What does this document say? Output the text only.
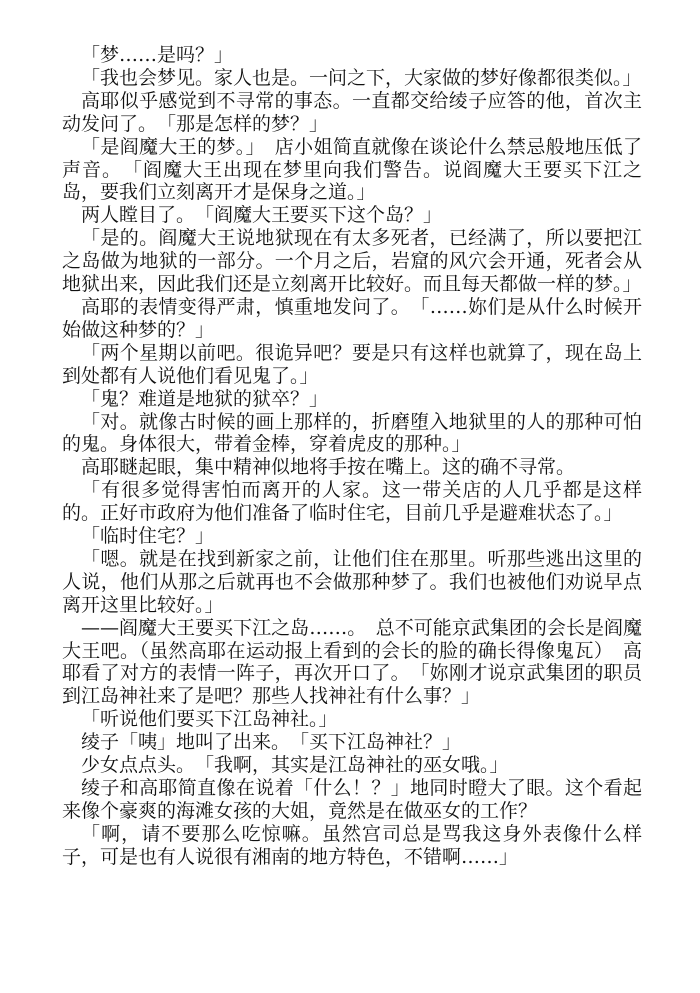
「梦……是吗？」

「我也会梦见。家人也是。一问之下，大家做的梦好像都很类似。」

高耶似乎感觉到不寻常的事态。一直都交给绫子应答的他，首次主动发问了。　「那是怎样的梦？」

「是阎魔大王的梦。」　店小姐简直就像在谈论什么禁忌般地压低了声音。　「阎魔大王出现在梦里向我们警告。说阎魔大王要买下江之岛，要我们立刻离开才是保身之道。」

两人瞠目了。　「阎魔大王要买下这个岛？」

「是的。阎魔大王说地狱现在有太多死者，已经满了，所以要把江之岛做为地狱的一部分。一个月之后，岩窟的风穴会开通，死者会从地狱出来，因此我们还是立刻离开比较好。而且每天都做一样的梦。」

高耶的表情变得严肃，慎重地发问了。　「……妳们是从什么时候开始做这种梦的？」

「两个星期以前吧。很诡异吧？要是只有这样也就算了，现在岛上到处都有人说他们看见鬼了。」

「鬼？难道是地狱的狱卒？」

「对。就像古时候的画上那样的，折磨堕入地狱里的人的那种可怕的鬼。身体很大，带着金棒，穿着虎皮的那种。」

高耶瞇起眼，集中精神似地将手按在嘴上。这的确不寻常。

「有很多觉得害怕而离开的人家。这一带关店的人几乎都是这样的。正好市政府为他们准备了临时住宅，目前几乎是避难状态了。」

「临时住宅？」

「嗯。就是在找到新家之前，让他们住在那里。听那些逃出这里的人说，他们从那之后就再也不会做那种梦了。我们也被他们劝说早点离开这里比较好。」

——阎魔大王要买下江之岛……。　总不可能京武集团的会长是阎魔大王吧。（虽然高耶在运动报上看到的会长的脸的确长得像鬼瓦）　高耶看了对方的表情一阵子，再次开口了。　「妳刚才说京武集团的职员到江岛神社来了是吧？那些人找神社有什么事？」

「听说他们要买下江岛神社。」

绫子「咦」地叫了出来。　「买下江岛神社？」

少女点点头。　「我啊，其实是江岛神社的巫女哦。」

绫子和高耶简直像在说着「什么！？」地同时瞪大了眼。这个看起来像个豪爽的海滩女孩的大姐，竟然是在做巫女的工作？

「啊，请不要那么吃惊嘛。虽然宫司总是骂我这身外表像什么样子，可是也有人说很有湘南的地方特色，不错啊……」
